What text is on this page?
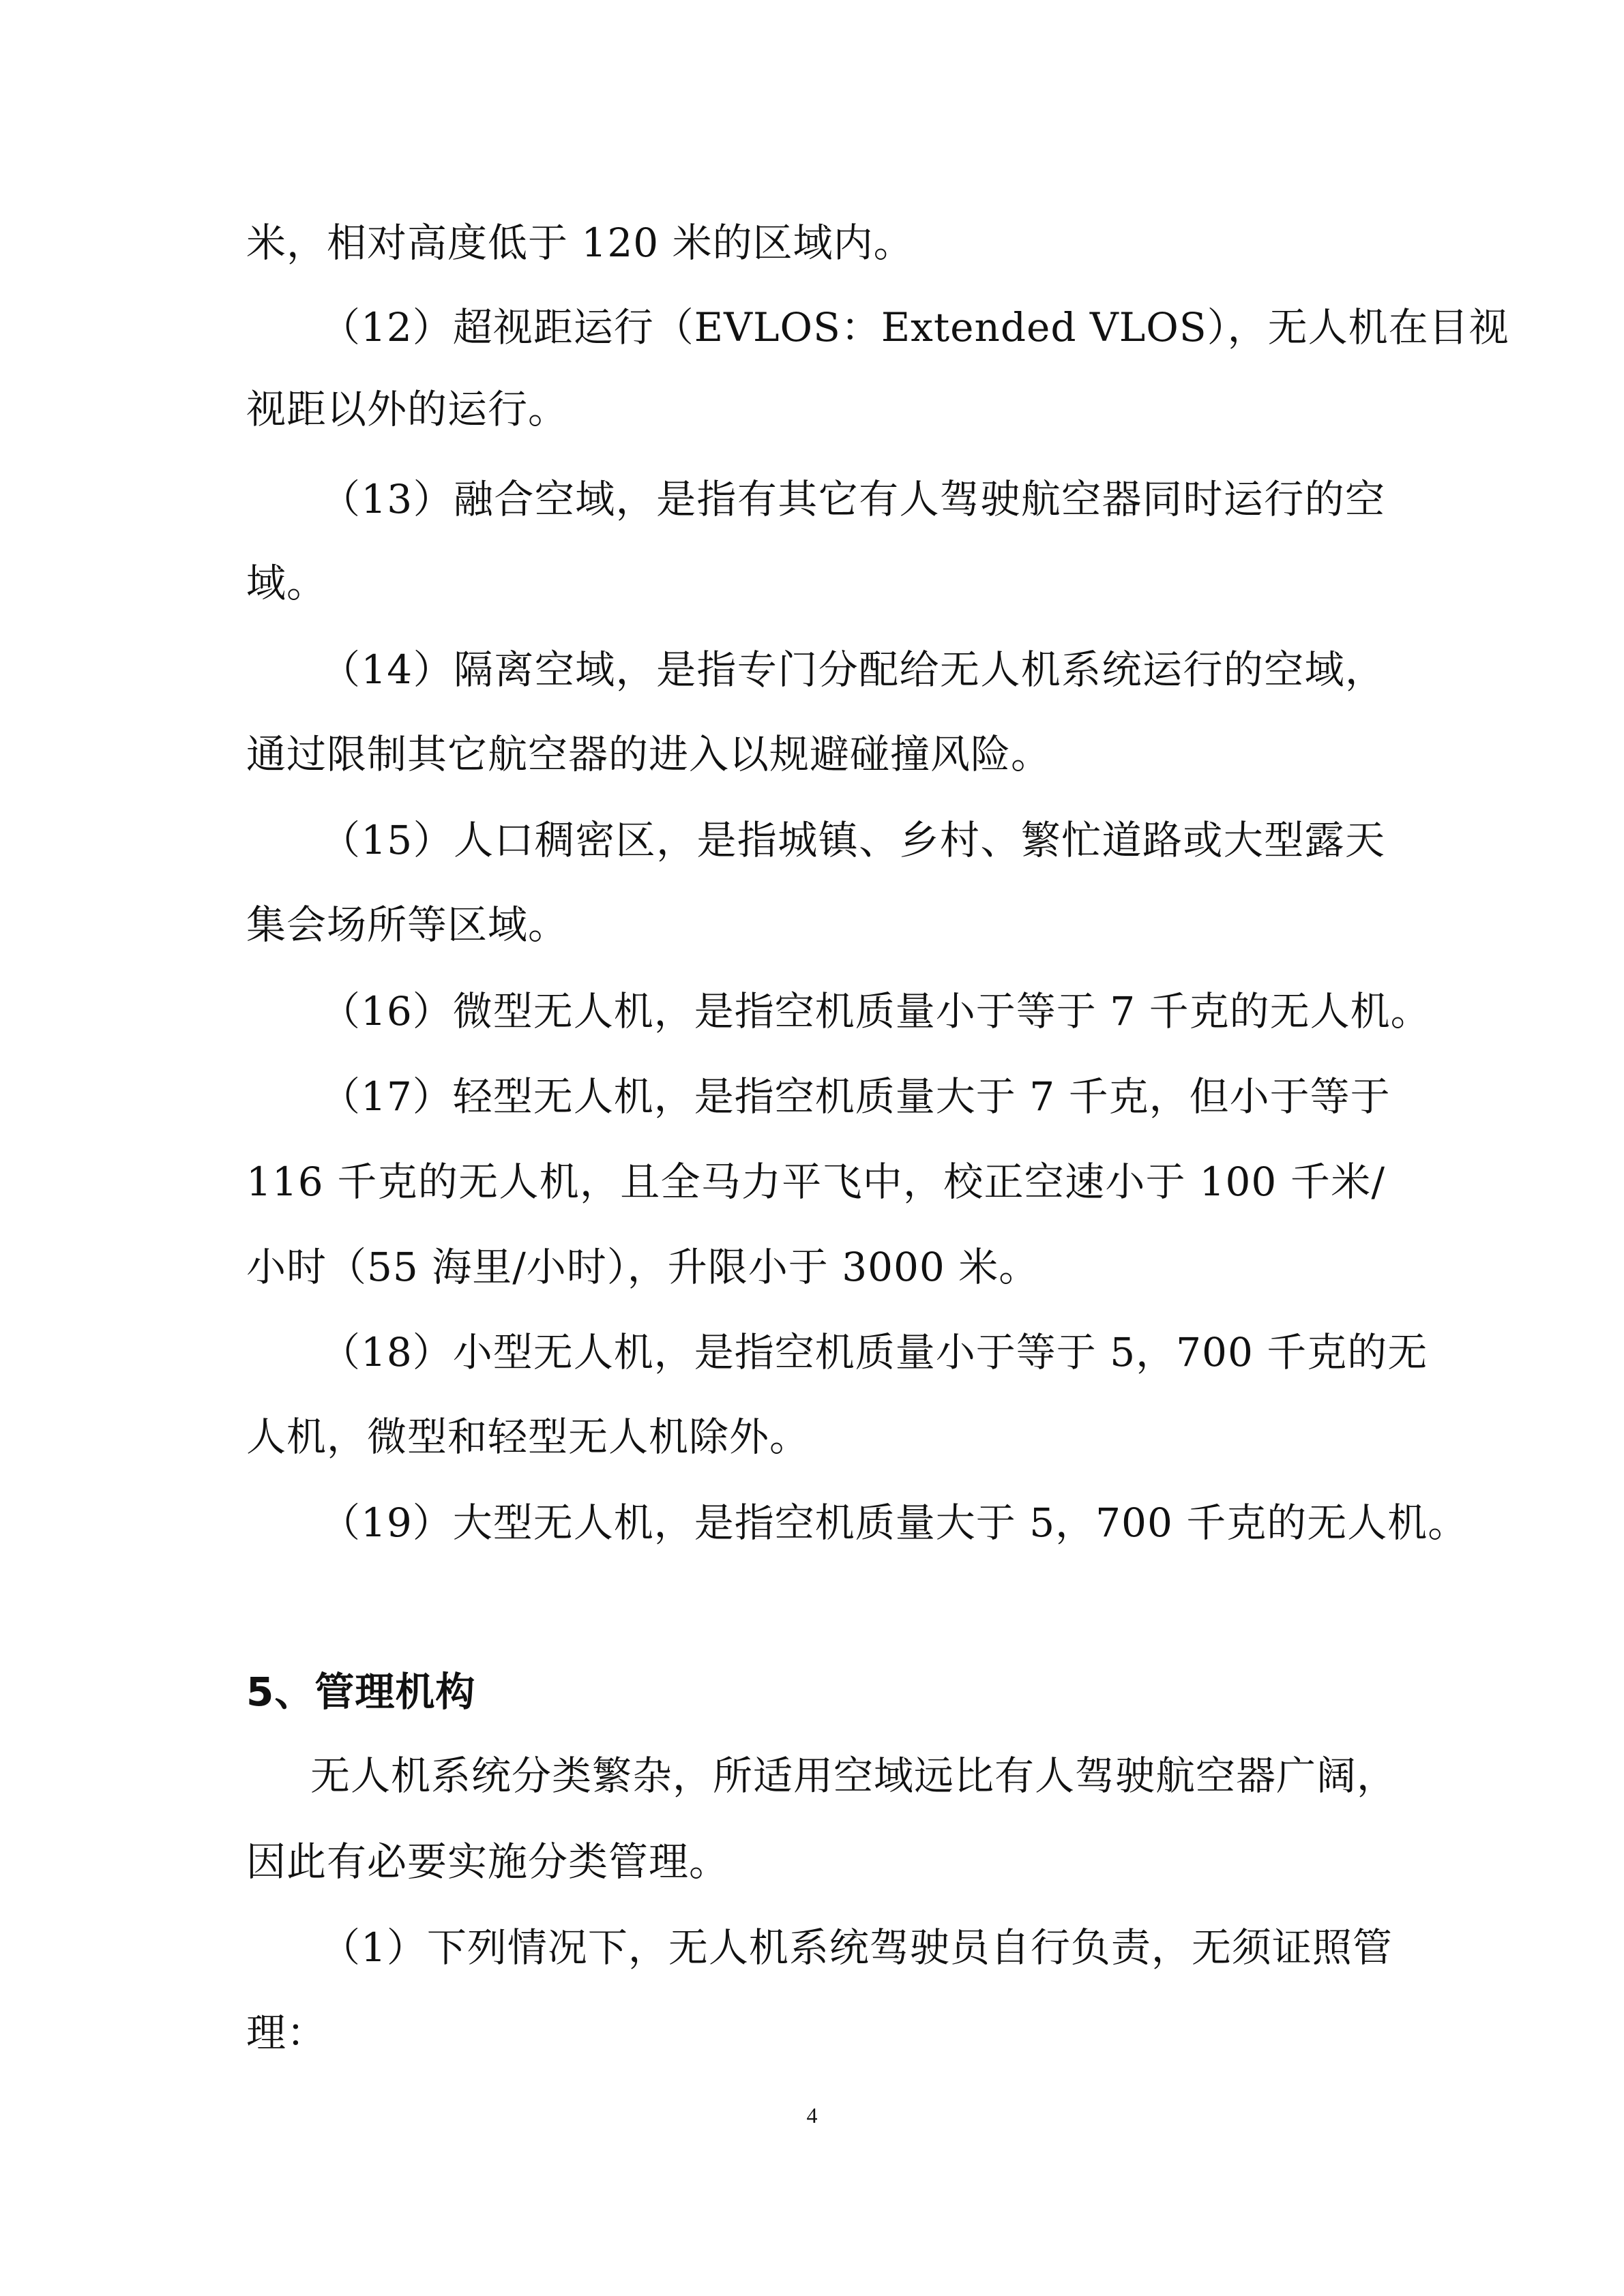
米，相对高度低于 120 米的区域内。
（12）超视距运行（EVLOS：Extended VLOS），无人机在目视
视距以外的运行。
（13）融合空域，是指有其它有人驾驶航空器同时运行的空
域。
（14）隔离空域，是指专门分配给无人机系统运行的空域，
通过限制其它航空器的进入以规避碰撞风险。
（15）人口稠密区，是指城镇、乡村、繁忙道路或大型露天
集会场所等区域。
（16）微型无人机，是指空机质量小于等于 7 千克的无人机。
（17）轻型无人机，是指空机质量大于 7 千克，但小于等于
116 千克的无人机，且全马力平飞中，校正空速小于 100 千米/
小时（55 海里/小时），升限小于 3000 米。
（18）小型无人机，是指空机质量小于等于 5，700 千克的无
人机，微型和轻型无人机除外。
（19）大型无人机，是指空机质量大于 5，700 千克的无人机。
5、管理机构
无人机系统分类繁杂，所适用空域远比有人驾驶航空器广阔，
因此有必要实施分类管理。
（1）下列情况下，无人机系统驾驶员自行负责，无须证照管
理：
4
